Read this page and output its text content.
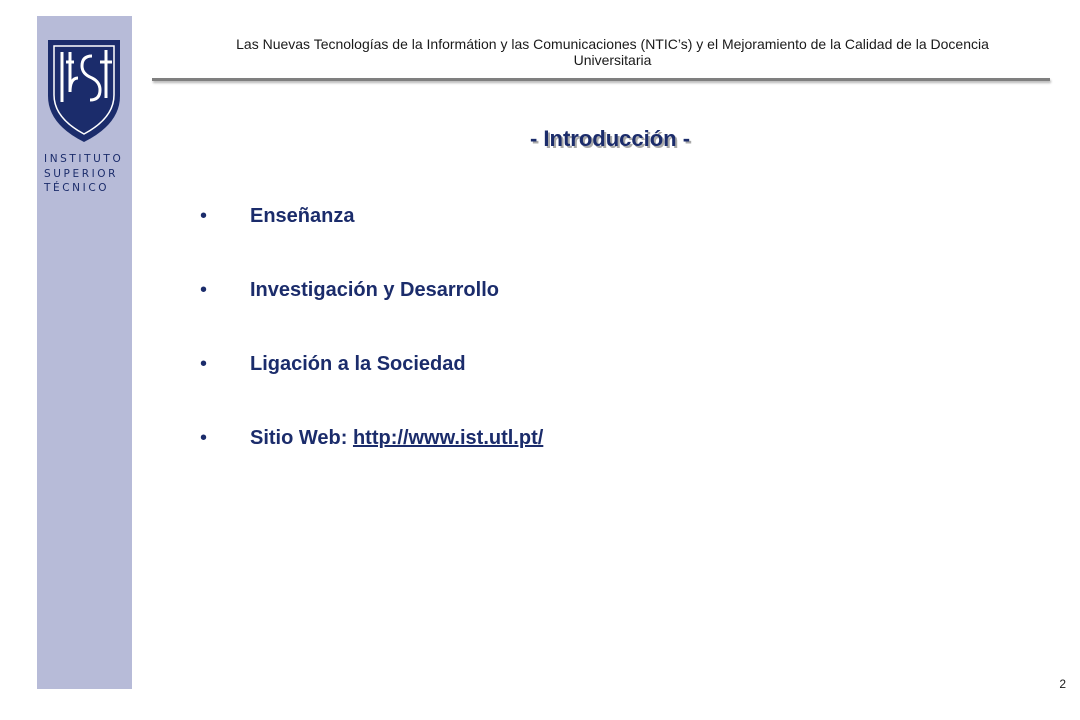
INSTITUTO
SUPERIOR
TÉCNICO
Las Nuevas Tecnologías de la Informátion y las Comunicaciones (NTIC’s) y el Mejoramiento de la Calidad de la Docencia
Universitaria
- Introducción -
• Enseñanza
• Investigación y Desarrollo
• Ligación a la Sociedad
• Sitio Web: http://www.ist.utl.pt/
2
